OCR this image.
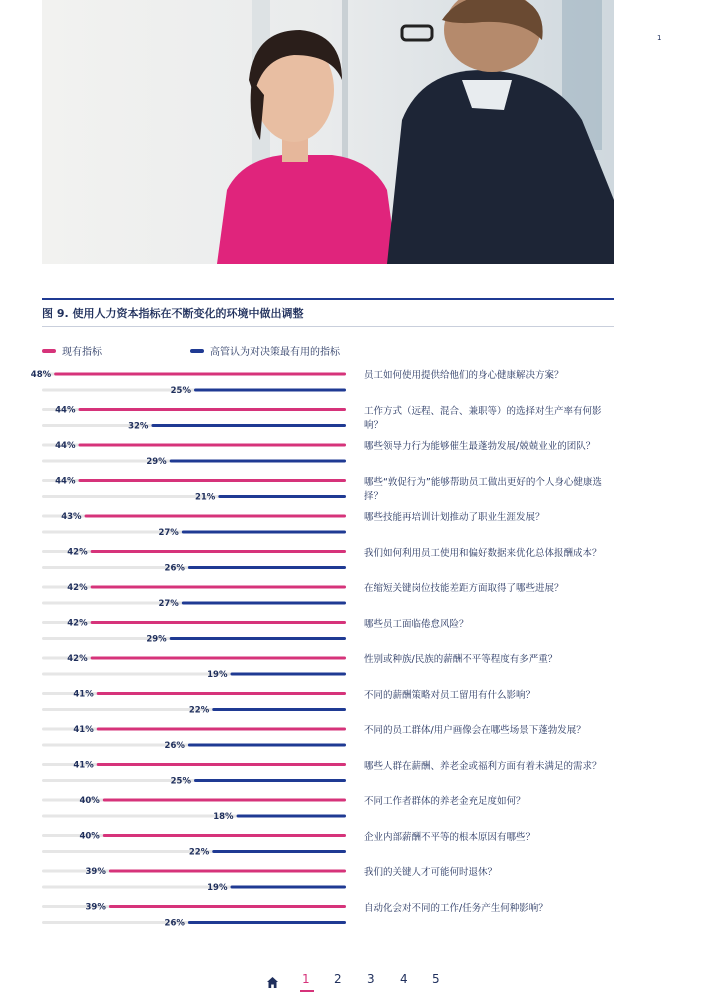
1
图 9. 使用人力资本指标在不断变化的环境中做出调整
现有指标	高管认为对决策最有用的指标
48%
25%
44%
32%
44%
29%
44%
21%
43%
27%
42%
26%
42%
27%
42%
29%
42%
19%
41%
22%
41%
26%
41%
25%
40%
18%
40%
22%
39%
19%
39%
26%
员工如何使用提供给他们的身心健康解决方案？
工作方式（远程、混合、兼职等）的选择对生产率有何影响？
哪些领导力行为能够催生最蓬勃发展/兢兢业业的团队？
哪些“敦促行为”能够帮助员工做出更好的个人身心健康选择？
哪些技能再培训计划推动了职业生涯发展？
我们如何利用员工使用和偏好数据来优化总体报酬成本？
在缩短关键岗位技能差距方面取得了哪些进展？
哪些员工面临倦怠风险？
性别或种族/民族的薪酬不平等程度有多严重？
不同的薪酬策略对员工留用有什么影响？
不同的员工群体/用户画像会在哪些场景下蓬勃发展？
哪些人群在薪酬、养老金或福利方面有着未满足的需求？
不同工作者群体的养老金充足度如何？
企业内部薪酬不平等的根本原因有哪些？
我们的关键人才可能何时退休？
自动化会对不同的工作/任务产生何种影响？
1 2 3 4 5
